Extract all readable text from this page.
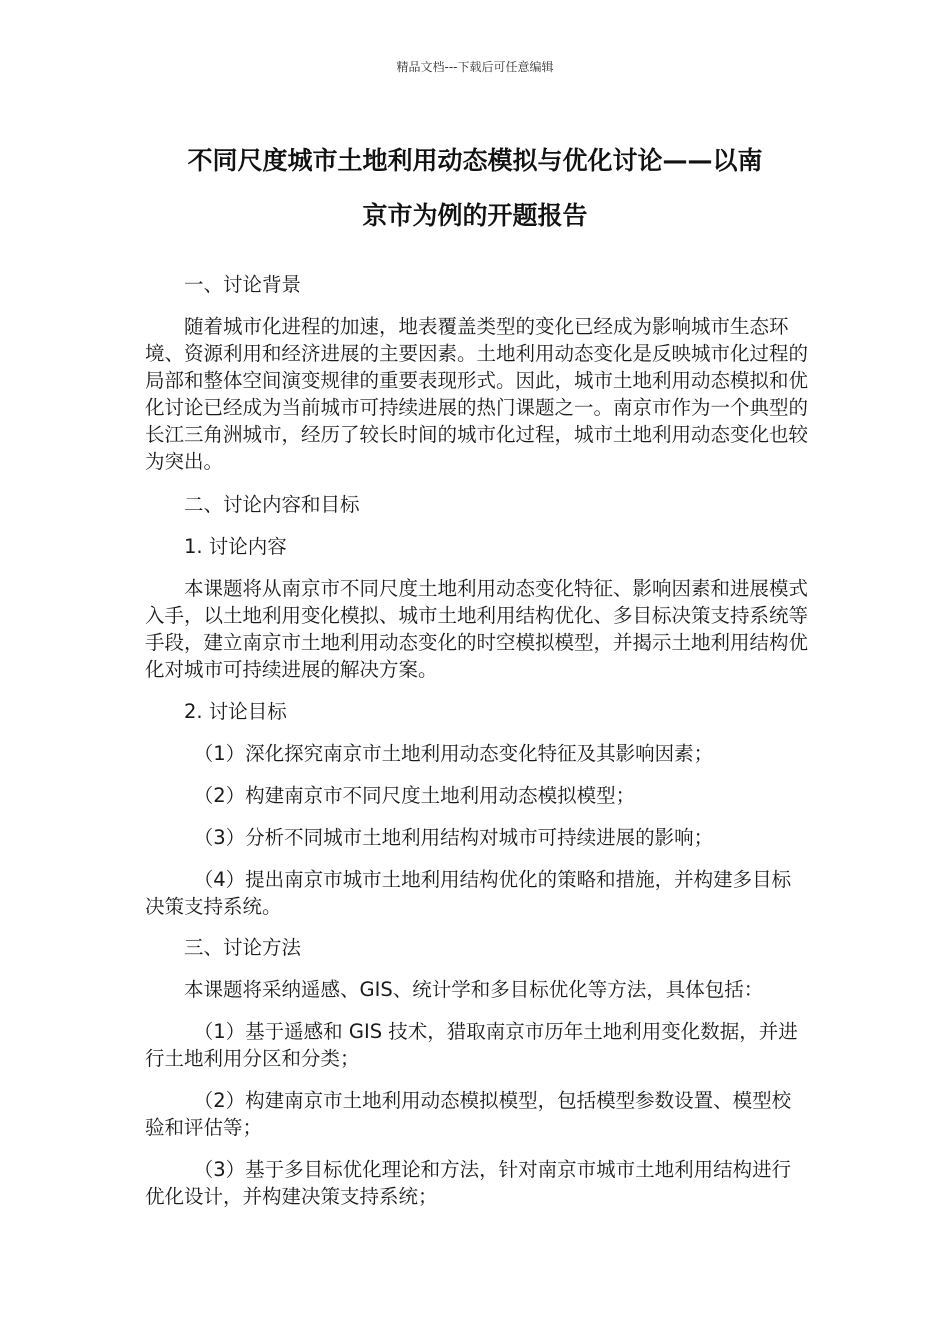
精品文档---下载后可任意编辑
不同尺度城市土地利用动态模拟与优化讨论——以南
京市为例的开题报告

一、讨论背景

随着城市化进程的加速，地表覆盖类型的变化已经成为影响城市生态环境、资源利用和经济进展的主要因素。土地利用动态变化是反映城市化过程的局部和整体空间演变规律的重要表现形式。因此，城市土地利用动态模拟和优化讨论已经成为当前城市可持续进展的热门课题之一。南京市作为一个典型的长江三角洲城市，经历了较长时间的城市化过程，城市土地利用动态变化也较为突出。

二、讨论内容和目标

1. 讨论内容

本课题将从南京市不同尺度土地利用动态变化特征、影响因素和进展模式入手，以土地利用变化模拟、城市土地利用结构优化、多目标决策支持系统等手段，建立南京市土地利用动态变化的时空模拟模型，并揭示土地利用结构优化对城市可持续进展的解决方案。

2. 讨论目标

（1）深化探究南京市土地利用动态变化特征及其影响因素；

（2）构建南京市不同尺度土地利用动态模拟模型；

（3）分析不同城市土地利用结构对城市可持续进展的影响；

（4）提出南京市城市土地利用结构优化的策略和措施，并构建多目标决策支持系统。

三、讨论方法

本课题将采纳遥感、GIS、统计学和多目标优化等方法，具体包括：

（1）基于遥感和 GIS 技术，猎取南京市历年土地利用变化数据，并进行土地利用分区和分类；

（2）构建南京市土地利用动态模拟模型，包括模型参数设置、模型校验和评估等；

（3）基于多目标优化理论和方法，针对南京市城市土地利用结构进行优化设计，并构建决策支持系统；
